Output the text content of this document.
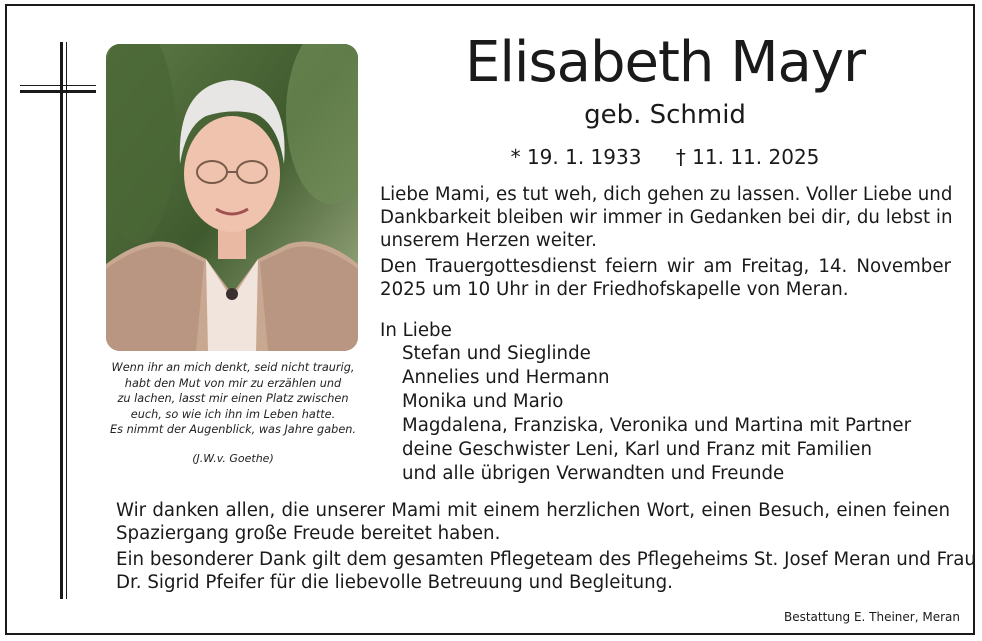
Wenn ihr an mich denkt, seid nicht traurig,
habt den Mut von mir zu erzählen und
zu lachen, lasst mir einen Platz zwischen
euch, so wie ich ihn im Leben hatte.
Es nimmt der Augenblick, was Jahre gaben.
(J.W.v. Goethe)
Elisabeth Mayr
geb. Schmid
* 19. 1. 1933 † 11. 11. 2025
Liebe Mami, es tut weh, dich gehen zu lassen. Voller Liebe und
Dankbarkeit bleiben wir immer in Gedanken bei dir, du lebst in
unserem Herzen weiter.
Den Trauergottesdienst feiern wir am Freitag, 14. November
2025 um 10 Uhr in der Friedhofskapelle von Meran.
In Liebe
Stefan und Sieglinde
Annelies und Hermann
Monika und Mario
Magdalena, Franziska, Veronika und Martina mit Partner
deine Geschwister Leni, Karl und Franz mit Familien
und alle übrigen Verwandten und Freunde
Wir danken allen, die unserer Mami mit einem herzlichen Wort, einen Besuch, einen feinen
Spaziergang große Freude bereitet haben.
Ein besonderer Dank gilt dem gesamten Pflegeteam des Pflegeheims St. Josef Meran und Frau
Dr. Sigrid Pfeifer für die liebevolle Betreuung und Begleitung.
Bestattung E. Theiner, Meran
